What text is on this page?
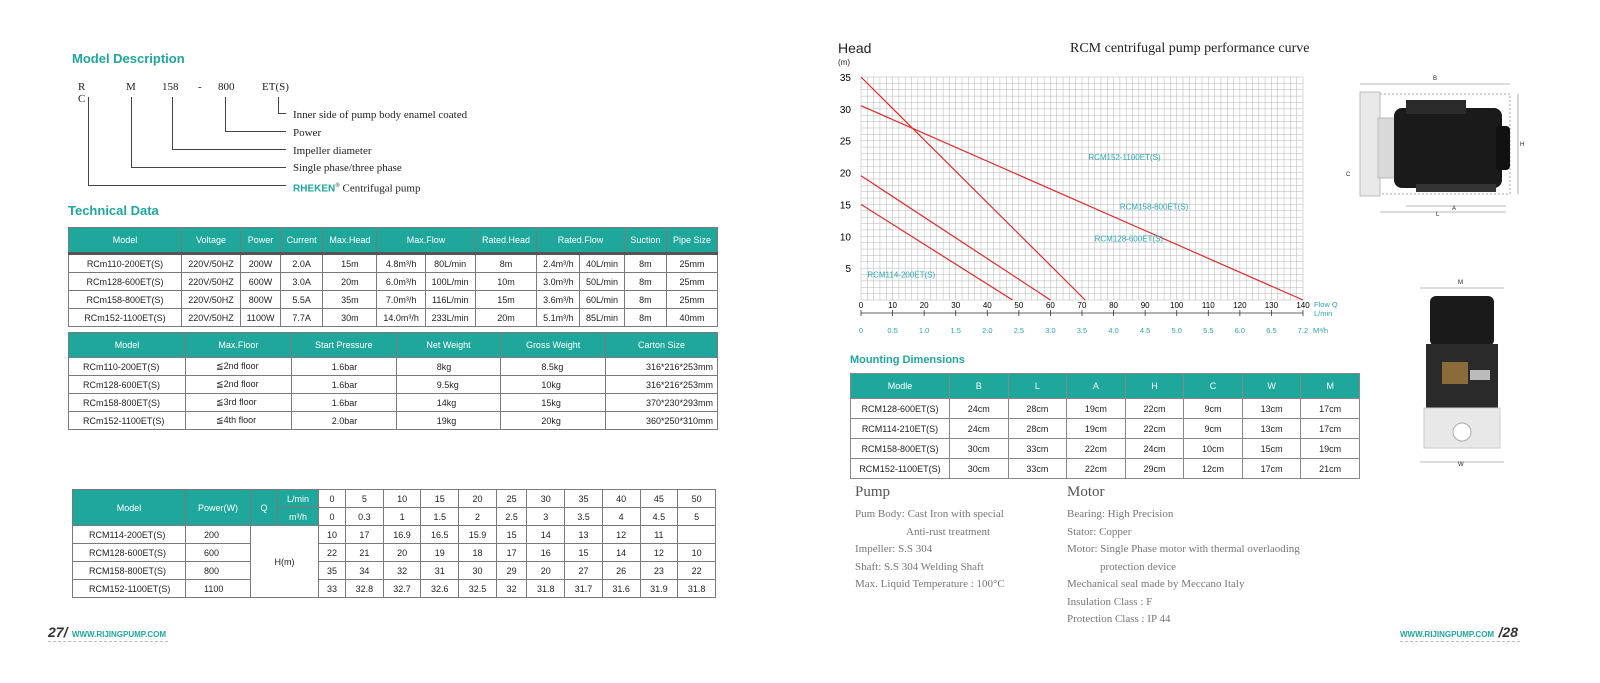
Model Description
R C
M 158 - 800	ET(S)
Inner side of pump body enamel coated
Power
Impeller diameter
Single phase/three phase
RHEKEN® Centrifugal pump
Technical Data
Model	Voltage	Power	Current	Max.Head	Max.Flow		Rated.Head	Rated.Flow		Suction	Pipe Size
RCm110-200ET(S)	220V/50HZ	200W	2.0A	15m	4.8m³/h	80L/min	8m	2.4m³/h	40L/min	8m	25mm
RCm128-600ET(S)	220V/50HZ	600W	3.0A	20m	6.0m³/h	100L/min	10m	3.0m³/h	50L/min	8m	25mm
RCm158-800ET(S)	220V/50HZ	800W	5.5A	35m	7.0m³/h	116L/min	15m	3.6m³/h	60L/min	8m	25mm
RCm152-1100ET(S)	220V/50HZ	1100W	7.7A	30m	14.0m³/h	233L/min	20m	5.1m³/h	85L/min	8m	40mm
Model	Max.Floor	Start Pressure	Net Weight	Gross Weight	Carton Size
RCm110-200ET(S)	≦2nd floor	1.6bar	8kg	8.5kg	316*216*253mm
RCm128-600ET(S)	≦2nd floor	1.6bar	9.5kg	10kg	316*216*253mm
RCm158-800ET(S)	≦3rd floor	1.6bar	14kg	15kg	370*230*293mm
RCm152-1100ET(S)	≦4th floor	2.0bar	19kg	20kg	360*250*310mm
Model	Power(W)	Q	L/min	0	5	10	15	20	25	30	35	40	45	50
			m³/h	0	0.3	1	1.5	2	2.5	3	3.5	4	4.5	5
RCM114-200ET(S)	200	H(m)		10	17	16.9	16.5	15.9	15	14	13	12	11	
RCM128-600ET(S)	600			22	21	20	19	18	17	16	15	14	12	10
RCM158-800ET(S)	800			35	34	32	31	30	29	20	27	26	23	22
RCM152-1100ET(S)	1100			33	32.8	32.7	32.6	32.5	32	31.8	31.7	31.6	31.9	31.8
27/ WWW.RIJINGPUMP.COM
Head
(m)
RCM centrifugal pump performance curve
5
10
15
20
25
30
35
0	10	20	30	40	50	60	70	80	90	100 110 120 130 140
0	0.5	1.0	1.5	2.0	2.5	3.0	3.5	4.0	4.5	5.0	5.5	6.0	6.5	7.2
Flow Q
L/min
M³/h
RCM152-1100ET(S)
RCM158-800ET(S)
RCM128-600ET(S)
RCM114-200ET(S)
Mounting Dimensions
Modle	B	L	A	H	C	W	M
RCM128-600ET(S)	24cm	28cm	19cm	22cm	9cm	13cm	17cm
RCM114-210ET(S)	24cm	28cm	19cm	22cm	9cm	13cm	17cm
RCM158-800ET(S)	30cm	33cm	22cm	24cm	10cm	15cm	19cm
RCM152-1100ET(S)	30cm	33cm	22cm	29cm	12cm	17cm	21cm
B
H
C
A
L
M
W
Pump
Pum Body: Cast Iron with special
Anti-rust treatment
Impeller: S.S 304
Shaft: S.S 304 Welding Shaft
Max. Liquid Temperature : 100°C
Motor
Bearing: High Precision
Stator: Copper
Motor: Single Phase motor with thermal overlaoding
protection device
Mechanical seal made by Meccano Italy
Insulation Class : F
Protection Class : IP 44
WWW.RIJINGPUMP.COM /28
